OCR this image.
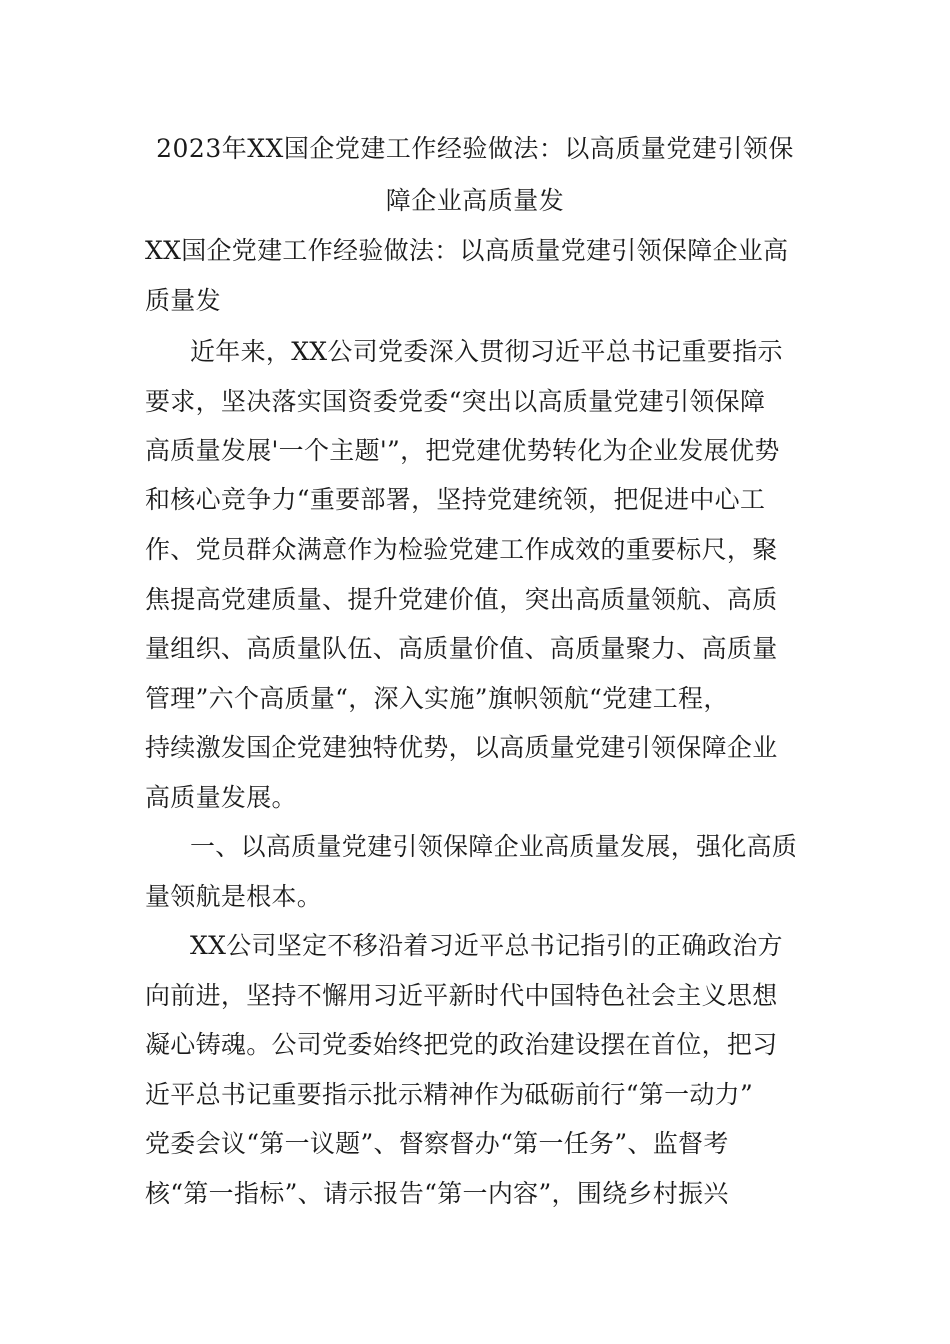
2023年XX国企党建工作经验做法：以高质量党建引领保
障企业高质量发
XX国企党建工作经验做法：以高质量党建引领保障企业高
质量发
近年来，XX公司党委深入贯彻习近平总书记重要指示
要求，坚决落实国资委党委“突出以高质量党建引领保障
高质量发展'一个主题'”，把党建优势转化为企业发展优势
和核心竞争力“重要部署，坚持党建统领，把促进中心工
作、党员群众满意作为检验党建工作成效的重要标尺，聚
焦提高党建质量、提升党建价值，突出高质量领航、高质
量组织、高质量队伍、高质量价值、高质量聚力、高质量
管理”六个高质量“，深入实施”旗帜领航“党建工程，
持续激发国企党建独特优势，以高质量党建引领保障企业
高质量发展。
一、以高质量党建引领保障企业高质量发展，强化高质
量领航是根本。
XX公司坚定不移沿着习近平总书记指引的正确政治方
向前进，坚持不懈用习近平新时代中国特色社会主义思想
凝心铸魂。公司党委始终把党的政治建设摆在首位，把习
近平总书记重要指示批示精神作为砥砺前行“第一动力”
党委会议“第一议题”、督察督办“第一任务”、监督考
核“第一指标”、请示报告“第一内容”，围绕乡村振兴
